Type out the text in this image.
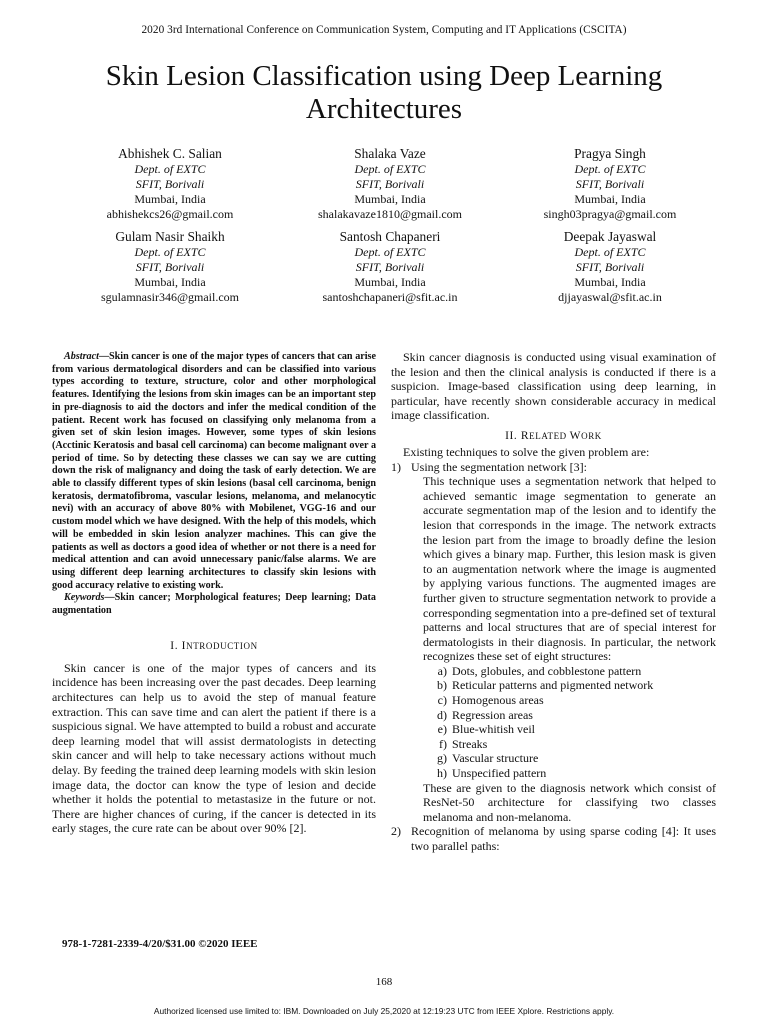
2020 3rd International Conference on Communication System, Computing and IT Applications (CSCITA)
Skin Lesion Classification using Deep Learning Architectures
Abhishek C. Salian
Dept. of EXTC
SFIT, Borivali
Mumbai, India
abhishekcs26@gmail.com
Shalaka Vaze
Dept. of EXTC
SFIT, Borivali
Mumbai, India
shalakavaze1810@gmail.com
Pragya Singh
Dept. of EXTC
SFIT, Borivali
Mumbai, India
singh03pragya@gmail.com
Gulam Nasir Shaikh
Dept. of EXTC
SFIT, Borivali
Mumbai, India
sgulamnasir346@gmail.com
Santosh Chapaneri
Dept. of EXTC
SFIT, Borivali
Mumbai, India
santoshchapaneri@sfit.ac.in
Deepak Jayaswal
Dept. of EXTC
SFIT, Borivali
Mumbai, India
djjayaswal@sfit.ac.in

Abstract—Skin cancer is one of the major types of cancers that can arise from various dermatological disorders and can be classified into various types according to texture, structure, color and other morphological features. Identifying the lesions from skin images can be an important step in pre-diagnosis to aid the doctors and infer the medical condition of the patient. Recent work has focused on classifying only melanoma from a given set of skin lesion images. However, some types of skin lesions (Acctinic Keratosis and basal cell carcinoma) can become malignant over a period of time. So by detecting these classes we can say we are cutting down the risk of malignancy and doing the task of early detection. We are able to classify different types of skin lesions (basal cell carcinoma, benign keratosis, dermatofibroma, vascular lesions, melanoma, and melanocytic nevi) with an accuracy of above 80% with Mobilenet, VGG-16 and our custom model which we have designed. With the help of this models, which will be embedded in skin lesion analyzer machines. This can give the patients as well as doctors a good idea of whether or not there is a need for medical attention and can avoid unnecessary panic/false alarms. We are using different deep learning architectures to classify skin lesions with good accuracy relative to existing work.

Keywords—Skin cancer; Morphological features; Deep learning; Data augmentation

I. INTRODUCTION

Skin cancer is one of the major types of cancers and its incidence has been increasing over the past decades. Deep learning architectures can help us to avoid the step of manual feature extraction. This can save time and can alert the patient if there is a suspicious signal. We have attempted to build a robust and accurate deep learning model that will assist dermatologists in detecting skin cancer and will help to take necessary actions without much delay. By feeding the trained deep learning models with skin lesion image data, the doctor can know the type of lesion and decide whether it holds the potential to metastasize in the future or not. There are higher chances of curing, if the cancer is detected in its early stages, the cure rate can be about over 90% [2].

Skin cancer diagnosis is conducted using visual examination of the lesion and then the clinical analysis is conducted if there is a suspicion. Image-based classification using deep learning, in particular, have recently shown considerable accuracy in medical image classification.

II. RELATED WORK

Existing techniques to solve the given problem are:

1) Using the segmentation network [3]:
This technique uses a segmentation network that helped to achieved semantic image segmentation to generate an accurate segmentation map of the lesion and to identify the lesion that corresponds in the image. The network extracts the lesion part from the image to broadly define the lesion which gives a binary map. Further, this lesion mask is given to an augmentation network where the image is augmented by applying various functions. The augmented images are further given to structure segmentation network to provide a corresponding segmentation into a pre-defined set of textural patterns and local structures that are of special interest for dermatologists in their diagnosis. In particular, the network recognizes these set of eight structures:
a) Dots, globules, and cobblestone pattern
b) Reticular patterns and pigmented network
c) Homogenous areas
d) Regression areas
e) Blue-whitish veil
f) Streaks
g) Vascular structure
h) Unspecified pattern
These are given to the diagnosis network which consist of ResNet-50 architecture for classifying two classes melanoma and non-melanoma.
2) Recognition of melanoma by using sparse coding [4]: It uses two parallel paths:
978-1-7281-2339-4/20/$31.00 ©2020 IEEE
168
Authorized licensed use limited to: IBM. Downloaded on July 25,2020 at 12:19:23 UTC from IEEE Xplore. Restrictions apply.
